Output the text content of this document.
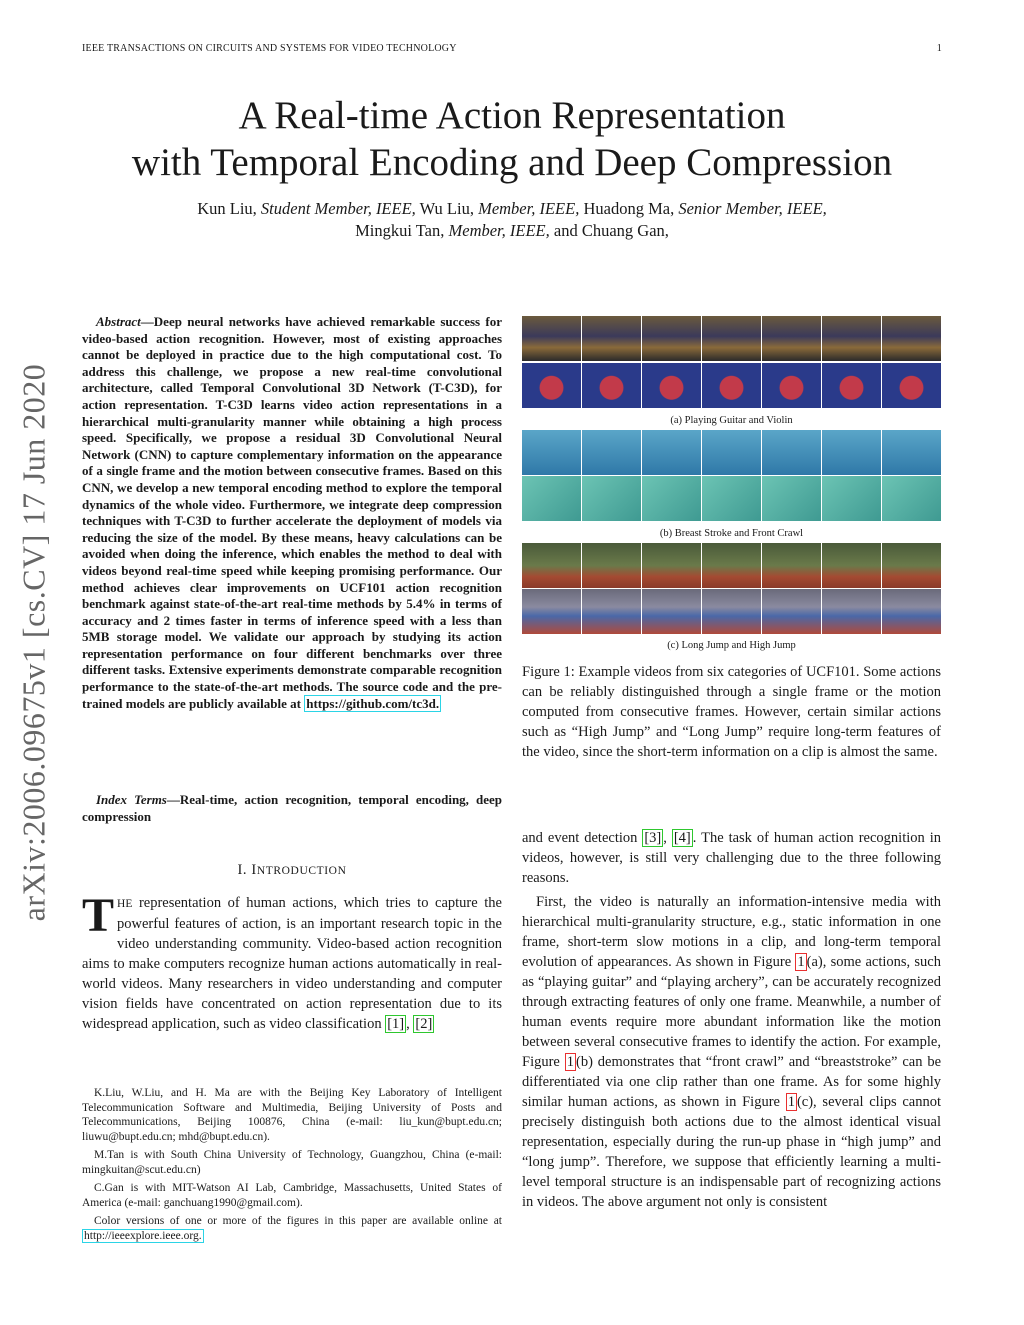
IEEE TRANSACTIONS ON CIRCUITS AND SYSTEMS FOR VIDEO TECHNOLOGY	1
arXiv:2006.09675v1 [cs.CV] 17 Jun 2020
A Real-time Action Representation
with Temporal Encoding and Deep Compression
Kun Liu, Student Member, IEEE, Wu Liu, Member, IEEE, Huadong Ma, Senior Member, IEEE,
Mingkui Tan, Member, IEEE, and Chuang Gan,
Abstract—Deep neural networks have achieved remarkable success for video-based action recognition. However, most of existing approaches cannot be deployed in practice due to the high computational cost. To address this challenge, we propose a new real-time convolutional architecture, called Temporal Convolutional 3D Network (T-C3D), for action representation. T-C3D learns video action representations in a hierarchical multi-granularity manner while obtaining a high process speed. Specifically, we propose a residual 3D Convolutional Neural Network (CNN) to capture complementary information on the appearance of a single frame and the motion between consecutive frames. Based on this CNN, we develop a new temporal encoding method to explore the temporal dynamics of the whole video. Furthermore, we integrate deep compression techniques with T-C3D to further accelerate the deployment of models via reducing the size of the model. By these means, heavy calculations can be avoided when doing the inference, which enables the method to deal with videos beyond real-time speed while keeping promising performance. Our method achieves clear improvements on UCF101 action recognition benchmark against state-of-the-art real-time methods by 5.4% in terms of accuracy and 2 times faster in terms of inference speed with a less than 5MB storage model. We validate our approach by studying its action representation performance on four different benchmarks over three different tasks. Extensive experiments demonstrate comparable recognition performance to the state-of-the-art methods. The source code and the pre-trained models are publicly available at https://github.com/tc3d.
Index Terms—Real-time, action recognition, temporal encoding, deep compression
I. INTRODUCTION
THE representation of human actions, which tries to capture the powerful features of action, is an important research topic in the video understanding community. Video-based action recognition aims to make computers recognize human actions automatically in real-world videos. Many researchers in video understanding and computer vision fields have concentrated on action representation due to its widespread application, such as video classification [1] , [2]

K.Liu, W.Liu, and H. Ma are with the Beijing Key Laboratory of Intelligent Telecommunication Software and Multimedia, Beijing University of Posts and Telecommunications, Beijing 100876, China (e-mail: liu_kun@bupt.edu.cn; liuwu@bupt.edu.cn; mhd@bupt.edu.cn).

M.Tan is with South China University of Technology, Guangzhou, China (e-mail: mingkuitan@scut.edu.cn)

C.Gan is with MIT-Watson AI Lab, Cambridge, Massachusetts, United States of America (e-mail: ganchuang1990@gmail.com).

Color versions of one or more of the figures in this paper are available online at http://ieeexplore.ieee.org.

(a) Playing Guitar and Violin
(b) Breast Stroke and Front Crawl
(c) Long Jump and High Jump
Figure 1: Example videos from six categories of UCF101. Some actions can be reliably distinguished through a single frame or the motion computed from consecutive frames. However, certain similar actions such as “High Jump” and “Long Jump” require long-term features of the video, since the short-term information on a clip is almost the same.

and event detection [3] , [4] . The task of human action recognition in videos, however, is still very challenging due to the three following reasons.

First, the video is naturally an information-intensive media with hierarchical multi-granularity structure, e.g., static information in one frame, short-term slow motions in a clip, and long-term temporal evolution of appearances. As shown in Figure 1 (a), some actions, such as “playing guitar” and “playing archery”, can be accurately recognized through extracting features of only one frame. Meanwhile, a number of human events require more abundant information like the motion between several consecutive frames to identify the action. For example, Figure 1 (b) demonstrates that “front crawl” and “breaststroke” can be differentiated via one clip rather than one frame. As for some highly similar human actions, as shown in Figure 1 (c), several clips cannot precisely distinguish both actions due to the almost identical visual representation, especially during the run-up phase in “high jump” and “long jump”. Therefore, we suppose that efficiently learning a multi-level temporal structure is an indispensable part of recognizing actions in videos. The above argument not only is consistent
